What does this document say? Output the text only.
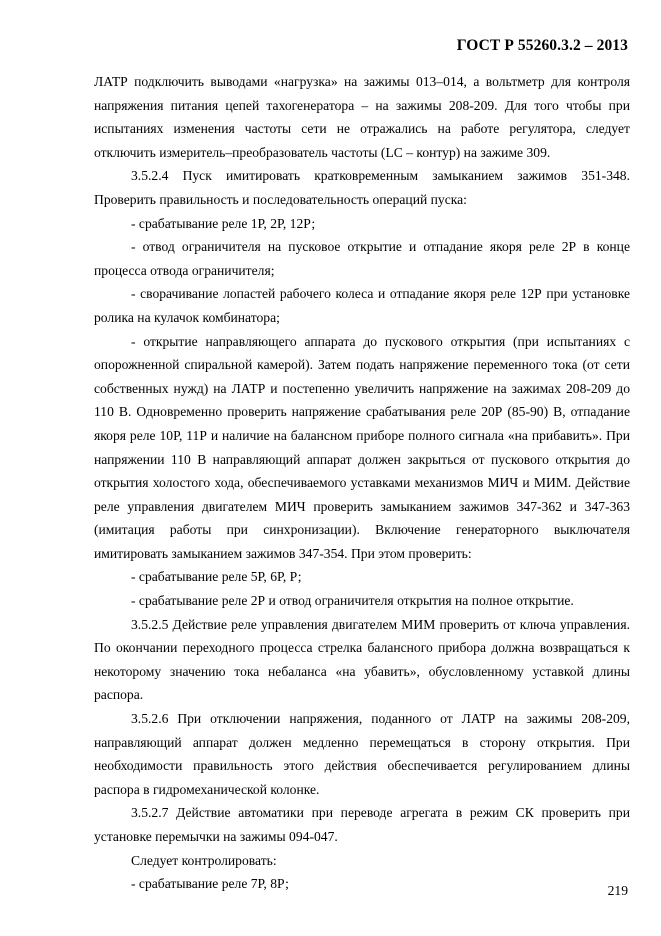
ГОСТ Р 55260.3.2 – 2013

ЛАТР подключить выводами «нагрузка» на зажимы 013–014, а вольтметр для контроля напряжения питания цепей тахогенератора – на зажимы 208-209. Для того чтобы при испытаниях изменения частоты сети не отражались на работе регулятора, следует отключить измеритель–преобразователь частоты (LC – контур) на зажиме 309.

3.5.2.4 Пуск имитировать кратковременным замыканием зажимов 351-348. Проверить правильность и последовательность операций пуска:

- срабатывание реле 1Р, 2Р, 12Р;

- отвод ограничителя на пусковое открытие и отпадание якоря реле 2Р в конце процесса отвода ограничителя;

- сворачивание лопастей рабочего колеса и отпадание якоря реле 12Р при установке ролика на кулачок комбинатора;

- открытие направляющего аппарата до пускового открытия (при испытаниях с опорожненной спиральной камерой). Затем подать напряжение переменного тока (от сети собственных нужд) на ЛАТР и постепенно увеличить напряжение на зажимах 208-209 до 110 В. Одновременно проверить напряжение срабатывания реле 20Р (85-90) В, отпадание якоря реле 10Р, 11Р и наличие на балансном приборе полного сигнала «на прибавить». При напряжении 110 В направляющий аппарат должен закрыться от пускового открытия до открытия холостого хода, обеспечиваемого уставками механизмов МИЧ и МИМ. Действие реле управления двигателем МИЧ проверить замыканием зажимов 347-362 и 347-363 (имитация работы при синхронизации). Включение генераторного выключателя имитировать замыканием зажимов 347-354. При этом проверить:

- срабатывание реле 5Р, 6Р, Р;

- срабатывание реле 2Р и отвод ограничителя открытия на полное открытие.

3.5.2.5 Действие реле управления двигателем МИМ проверить от ключа управления. По окончании переходного процесса стрелка балансного прибора должна возвращаться к некоторому значению тока небаланса «на убавить», обусловленному уставкой длины распора.

3.5.2.6 При отключении напряжения, поданного от ЛАТР на зажимы 208-209, направляющий аппарат должен медленно перемещаться в сторону открытия. При необходимости правильность этого действия обеспечивается регулированием длины распора в гидромеханической колонке.

3.5.2.7 Действие автоматики при переводе агрегата в режим СК проверить при установке перемычки на зажимы 094-047.

Следует контролировать:

- срабатывание реле 7Р, 8Р;	219
